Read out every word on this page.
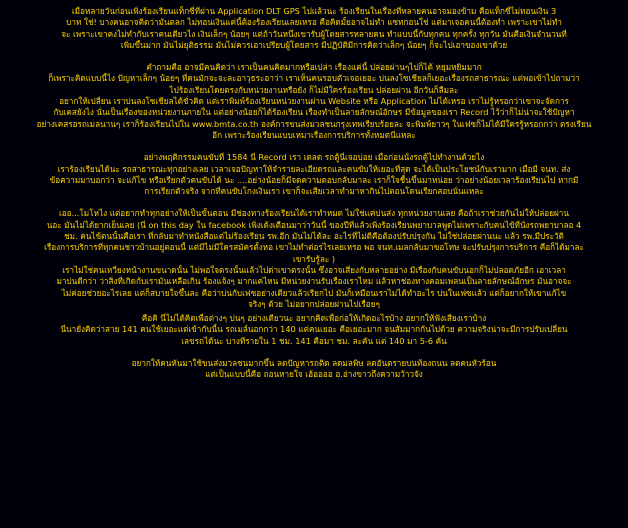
เมื่อหลายวันก่อนเพิ่งร้องเรียนแท็กซี่ที่ผ่าน Application DLT GPS ไปแล้วนะ ร้องเรียนในเรื่องที่หลายคนอาจมองข้าม คือแท็กซี่ไม่ทอนเงิน 3
บาท ใช่! บางคนอาจคิดว่ามันตลก ไม่ทอนเงินแค่นี้ต้องร้องเรียนเลยเหรอ คือคิดมั้ยอาจไม่ทำ แซทกอนใช่ แต่มาเจอคนนี้ต้องทำ เพราะเขาไม่ทำ
จะ เพราะเขาคงไม่ทำกับเราคนเดียวไง เงินเล็กๆ น้อยๆ แต่ถ้าวันหนึ่งเขารับผู้โดยสารหลายคน ทำแบบนี้กับทุกคน ทุกครั้ง ทุกวัน มันคือเงินจำนวนที่
เพิ่มขึ้นมาก มันไม่ยุติธรรม มันไม่ควรเอาเปรียบผู้โดยสาร มีปฏิบัติมีการคิดว่าเล็กๆ น้อยๆ ก็จะไปเอาของเขาด้วย
คำถามคือ อาจมีคนคิดว่า เราเป็นคนคิดมากหรือเปล่า เรื่องแค่นี้ ปล่อยผ่านๆไปก็ได้ หยุมหยิมมาก
ก็เพราะคิดแบบนี้ไง ปัญหาเล็กๆ น้อยๆ ที่คนมักจะจะละอาวุธระอาว่า เราเห็นคนรอบตัวเจอเยอะ บ่นลงโซเชียลก็เยอะเรื่องรถสาธารณะ แต่พอเข้าไปถามว่า
ไปร้องเรียนโดยตรงกับหน่วยงานหรือยัง ก็ไม่มีใครร้องเรียน ปล่อยผ่าน อีกวันก็ลืมละ
อยากให้เปลี่ยน เราบ่นลงโซเชียลได้ชั่วคิด แต่เราพิมพ์ร้องเรียนหน่วยงานผ่าน Website หรือ Application ไม่ได้เหรอ เราไม่รู้หรอกว่าเขาจะจัดการ
กับเคสยังไง นั่นเป็นเรื่องของหน่วยงานภายใน แต่อย่างน้อยก็ได้ร้องเรียน เรื่องทำเป็นลายลักษณ์อักษร มีข้อมูลของเรา Record ไว้ว่าก็ไม่น่าจะใช้ปัญหา
อย่างเคสรอรถเมลนานๆ เราก็ร้องเรียนไปใน www.bmta.co.th องค์การขนส่งมวลชนกรุงเทพเรียบร้อยละ จะพิมพ์ยาวๆ ในเฟซก็ไม่ได้มีใครรู้หรอกกว่า ตรงเรียน
อีก เพราะร้องเรียนแบบเหมาเรื่องการบริการทั้งหมดนี่แหละ
อย่างพฤติกรรมคนขับที่ 1584 นี่ Record เรา เดลด รถตู้นี่เจอบ่อย เมื่อก่อนนั่งรถตู้ไปทำงานด้วยไง
เราร้องเรียนได้นะ รถสาธารณะทุกอย่างเลย เวลาเจอปัญหาให้จำรายละเอียดรถและคนขับให้เยอะที่สุด จะได้เป็นประโยชน์กับเรามาก เมื่อมี จนท. ส่ง
ข้อความมาบอกว่า จะแก้ไข หรือเรียกตัวคนขับได้ นะ ....อย่างน้อยก็มีจดความตอบกลับมาละ เราก็ใจชื้นขึ้นมาหน่อย ว่าอย่างน้อยเวลาร้องเรียนไป หากมี
การเรียกตัวจริง จากที่คนขับโกงเงินเรา เขาก็จะเสียเวลาทำมาหากินไปตอนโดนเรียกสอบนั่นแหละ
เออ...โมโหไง แต่อยากทำทุกอย่างให้เป็นขั้นตอน มีช่องทางร้องเรียนได้เราทำหมด ไม่ใช่แค่บ่นส่ง ทุกหน่วยงานเลย คือถ้าเราช่วยกันไม่ให้ปล่อยผ่าน
นอะ มันไม่ได้ยากเย็นเลย (นี่ on this day ใน facebook เพิ่งเด้งเตือนมาว่าวันนี้ ของปีที่แล้วเพิ่งร้องเรียนพยาบาลพูดไม่เพราะกับคนไข้ที่นั่งรถพยาบาลอ 4
ชม. คนไข้ตนนั้นคือเรา ที่กลับมาทำหนังสือแต่ไม่ร้องเรียน รพ.อีก มันไม่ได้ละ อะไรที่ไม่ดีคือต้องปรับปรุงกัน ไม่ใช่ปล่อยผ่านนะ แล้ว รพ.มีประวัติ
เรื่องการบริการที่ทุกคนชาวบ้านอยู่ตอนนี้ แต่มีไม่มีใครสมัครตั้งหอ เขาไม่ทำต่อรไรเลยเหรอ พอ จนท.เมลกลับมาขอโทษ จะปรับปรุงการบริการ คือก็ได้มาละ
เขารับรู้ละ )
เราไม่ใช่คนเหวี่ยงหน้างานขนาดนั้น ไม่พอใจตรงนั้นแล้วไปด่าเขาตรงนั้น ซึ่งอาจเสี่ยงกับหลายอย่าง มีเรื่องกับคนขับนอกก็ไม่ปลอดภัยอีก เอาเวลา
มาบ่นดีกว่า ว่าสิ่งที่เกิดกับเรามันเหลือเกิน ร้องแจ้งๆ มากแค่ไหน มีหน่วยงานรับเรื่องเราไหม แล้วหาช่องทางคอมเพลนเป็นลายลักษณ์อักษร มันอาจจะ
ไม่ค่อยช่วยอะไรเลย แต่ก็สบายใจขึ้นละ คือว่าบ่นกับเฟซอย่างเดียวแล้วเรียกไป มันก็เหมือนเราไม่ได้ทำอะไร บ่นในเฟซแล้ว แต่ก็อยากให้เขาแก้ไข
จริงๆ ด้วย ไม่อยากปล่อยผ่านไปเรื่อยๆ
คือคิ นี่ไม่ได้คิดเพื่อต่างๆ บ่นๆ อย่างเดียวนะ อยากคิดเพื่อก่อให้เกิดอะไรบ้าง อยากให้ฟังเสียงเราบ้าง
นี่นายั่งคิดว่าสาย 141 คนใช้เยอะแต่เข้ากับนี้น รถเมล์นอกกว่า 140 แต่คนเยอะ คือเยอะมาก จนสัมมากกันไปด้วย ความจริงน่าจะมีการปรับเปลี่ยน
เลขรถได้นะ บางทีรายใน 1 ชม. 141 คือมา ชม. ละคัน แต่ 140 มา 5-6 คัน
อยากให้คนหันมาใช้ขนส่งมวลชนมากขึ้น ลดปัญหารถติด ลดมลพิษ ลดอันตรายบนท้องถนน ลดคนหัวร้อน
แต่เป็นแบบนี้คือ ถอนหายใจ เฮ้ออออ อ.อ่างขาวถึงความว้าวจัง
